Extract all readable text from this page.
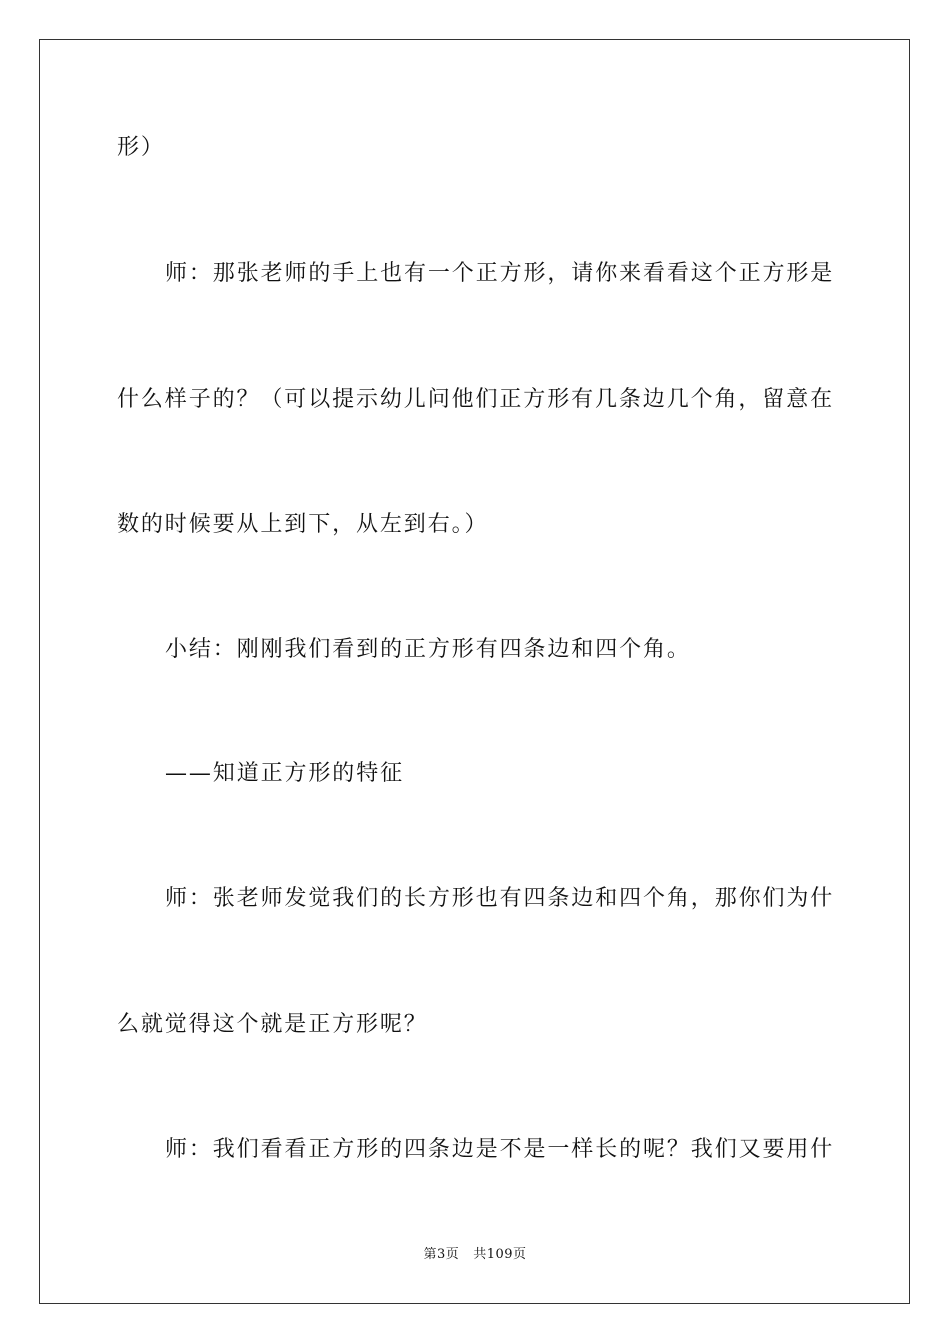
形）
师：那张老师的手上也有一个正方形，请你来看看这个正方形是
什么样子的？（可以提示幼儿问他们正方形有几条边几个角，留意在
数的时候要从上到下，从左到右。）
小结：刚刚我们看到的正方形有四条边和四个角。
——知道正方形的特征
师：张老师发觉我们的长方形也有四条边和四个角，那你们为什
么就觉得这个就是正方形呢？
师：我们看看正方形的四条边是不是一样长的呢？我们又要用什
第3页 共109页
